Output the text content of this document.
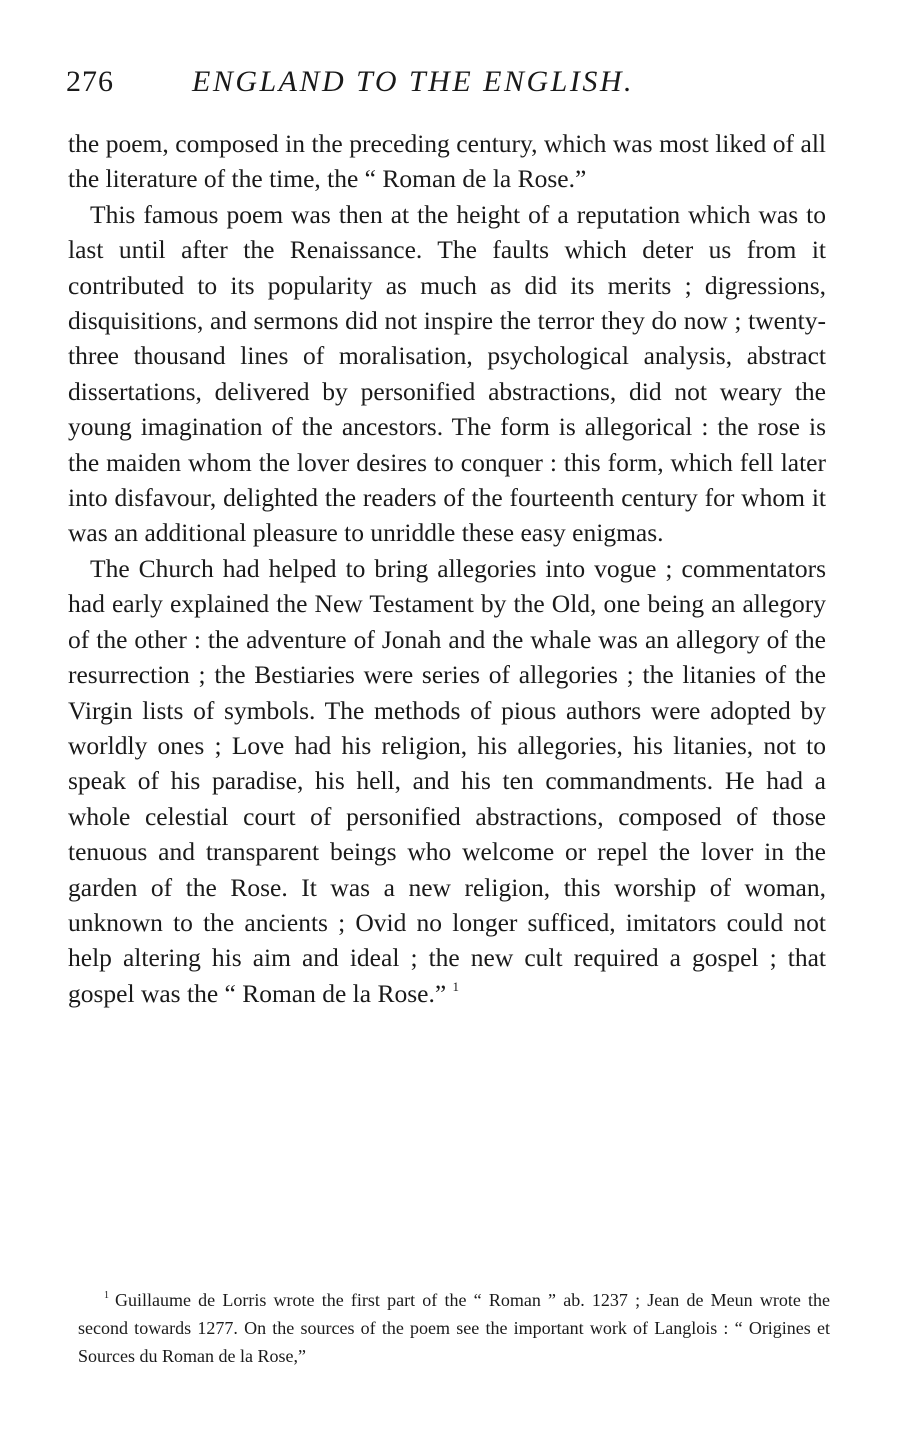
276	ENGLAND TO THE ENGLISH.

the poem, composed in the preceding century, which was most liked of all the literature of the time, the “ Roman de la Rose.”

This famous poem was then at the height of a reputation which was to last until after the Renaissance. The faults which deter us from it contributed to its popularity as much as did its merits ; digressions, disquisitions, and sermons did not inspire the terror they do now ; twenty-three thousand lines of moralisation, psychological analysis, abstract dissertations, delivered by personified abstractions, did not weary the young imagination of the ancestors. The form is allegorical : the rose is the maiden whom the lover desires to conquer : this form, which fell later into disfavour, delighted the readers of the fourteenth century for whom it was an additional pleasure to unriddle these easy enigmas.

The Church had helped to bring allegories into vogue ; commentators had early explained the New Testament by the Old, one being an allegory of the other : the adventure of Jonah and the whale was an allegory of the resurrection ; the Bestiaries were series of allegories ; the litanies of the Virgin lists of symbols. The methods of pious authors were adopted by worldly ones ; Love had his religion, his allegories, his litanies, not to speak of his paradise, his hell, and his ten commandments. He had a whole celestial court of personified abstractions, composed of those tenuous and transparent beings who welcome or repel the lover in the garden of the Rose. It was a new religion, this worship of woman, unknown to the ancients ; Ovid no longer sufficed, imitators could not help altering his aim and ideal ; the new cult required a gospel ; that gospel was the “ Roman de la Rose.” $^1$

$^1$ Guillaume de Lorris wrote the first part of the “ Roman ” ab. 1237 ; Jean de Meun wrote the second towards 1277. On the sources of the poem see the important work of Langlois : “ Origines et Sources du Roman de la Rose,”
